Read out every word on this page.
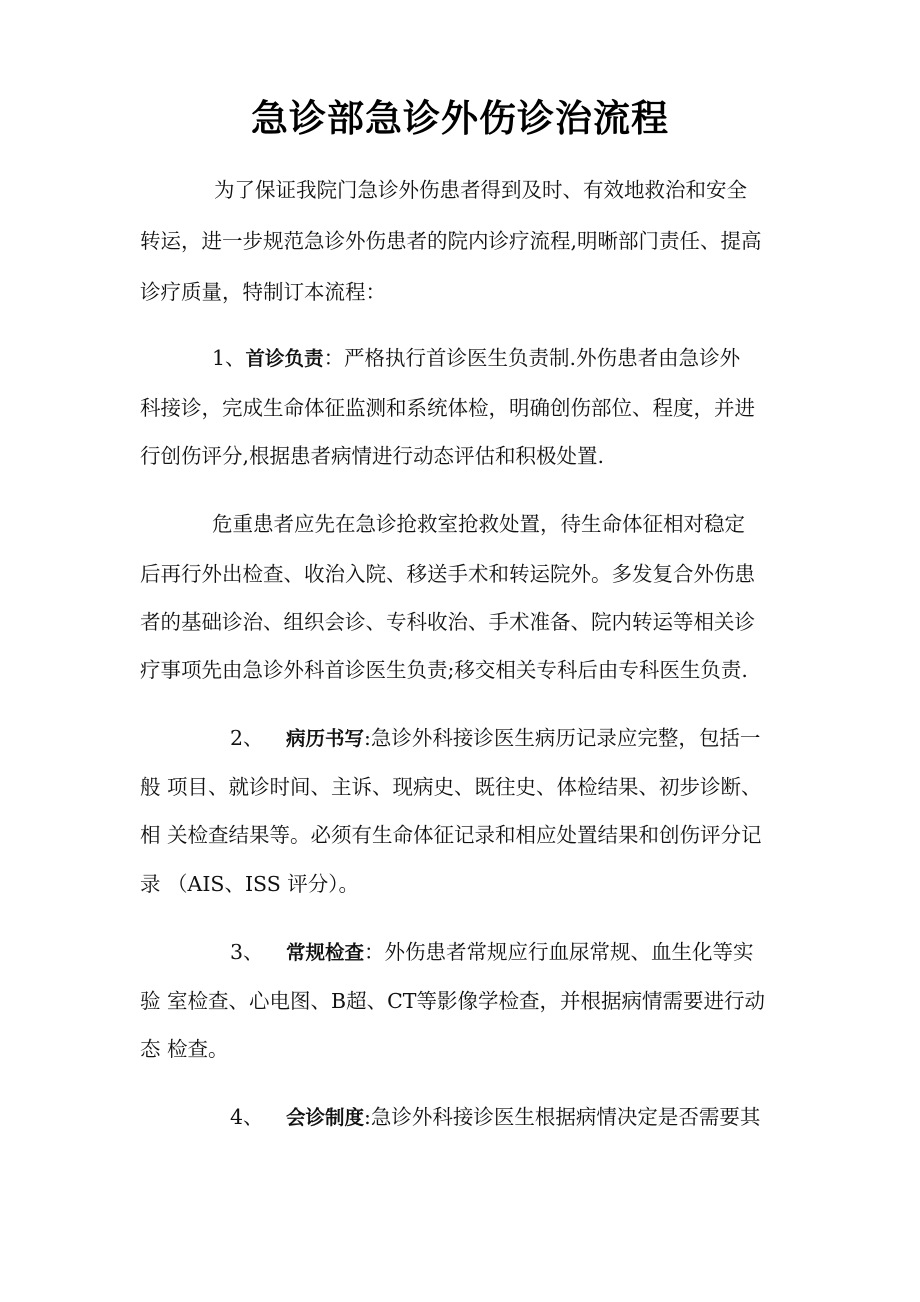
急诊部急诊外伤诊治流程
为了保证我院门急诊外伤患者得到及时、有效地救治和安全
转运，进一步规范急诊外伤患者的院内诊疗流程,明晰部门责任、提高
诊疗质量，特制订本流程：
1、首诊负责：严格执行首诊医生负责制.外伤患者由急诊外
科接诊，完成生命体征监测和系统体检，明确创伤部位、程度，并进
行创伤评分,根据患者病情进行动态评估和积极处置.
危重患者应先在急诊抢救室抢救处置，待生命体征相对稳定
后再行外出检查、收治入院、移送手术和转运院外。多发复合外伤患
者的基础诊治、组织会诊、专科收治、手术准备、院内转运等相关诊
疗事项先由急诊外科首诊医生负责;移交相关专科后由专科医生负责.
2、 病历书写:急诊外科接诊医生病历记录应完整，包括一
般 项目、就诊时间、主诉、现病史、既往史、体检结果、初步诊断、
相 关检查结果等。必须有生命体征记录和相应处置结果和创伤评分记
录 （AIS、ISS 评分）。
3、 常规检查：外伤患者常规应行血尿常规、血生化等实
验 室检查、心电图、B超、CT等影像学检查，并根据病情需要进行动
态 检查。
4、 会诊制度:急诊外科接诊医生根据病情决定是否需要其
